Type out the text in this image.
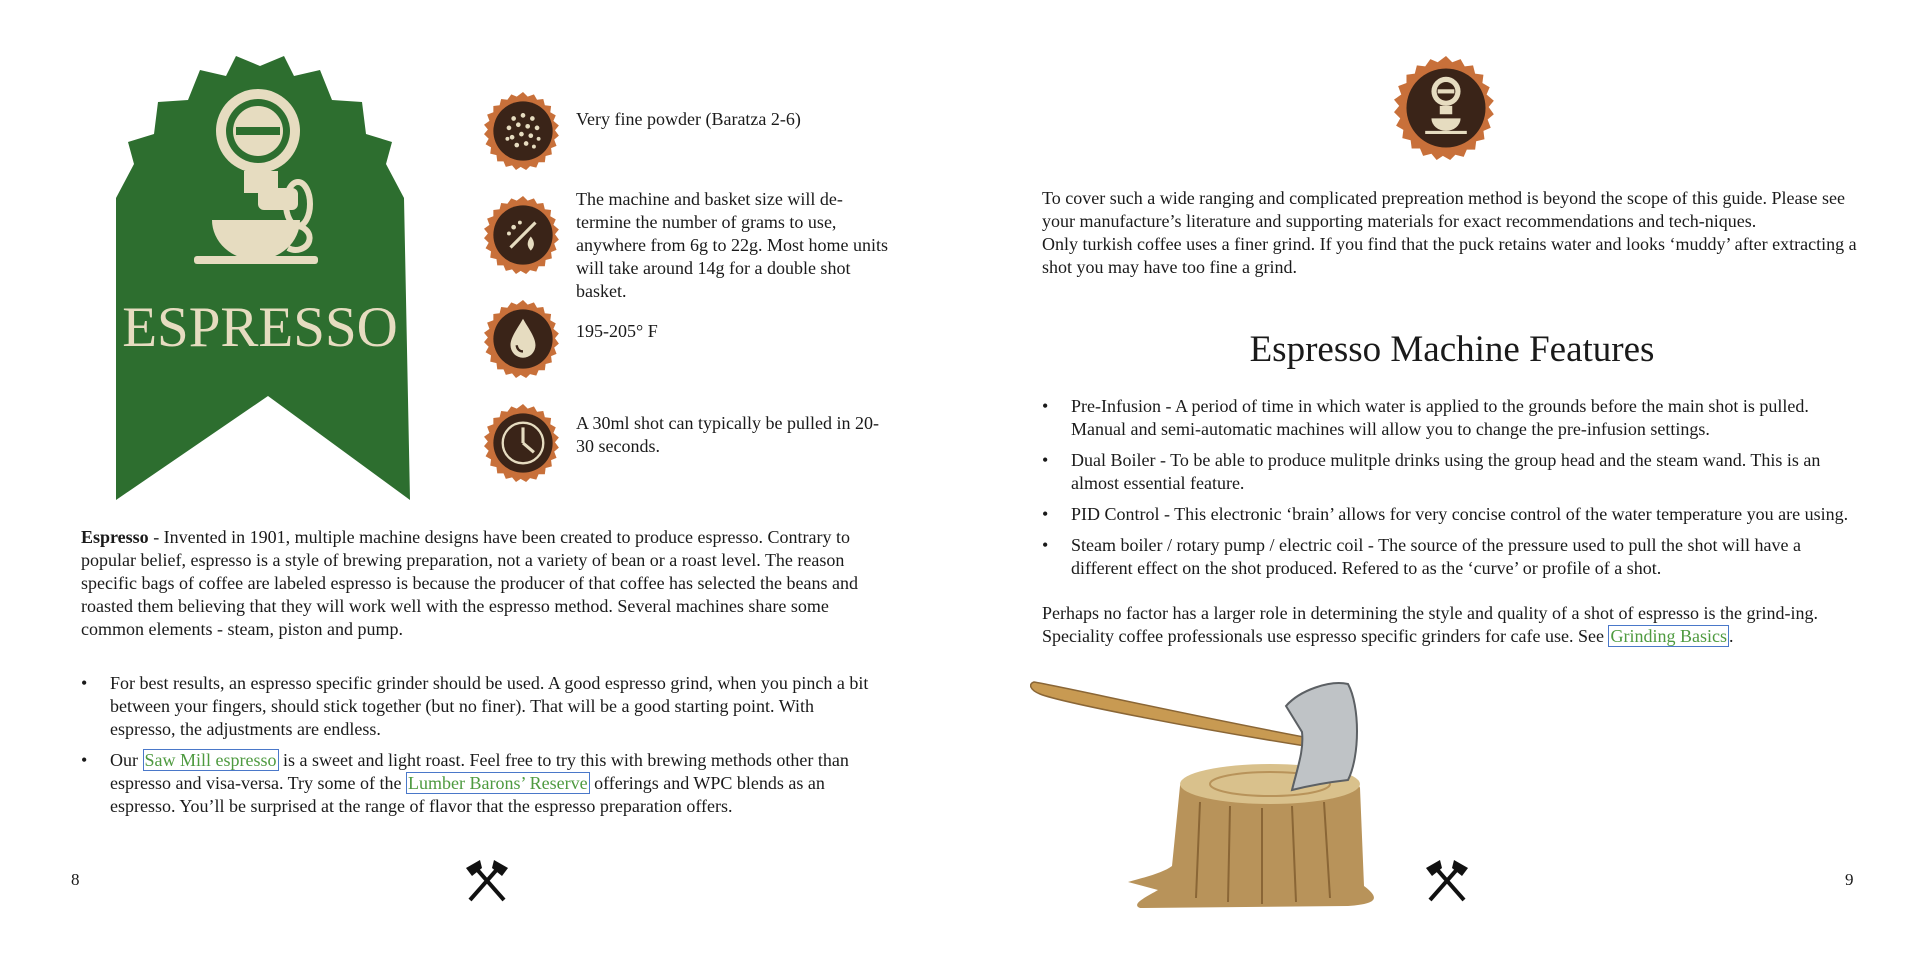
ESPRESSO
Very fine powder (Baratza 2-6)
The machine and basket size will de-termine the number of grams to use, anywhere from 6g to 22g. Most home units will take around 14g for a double shot basket.
195-205° F
A 30ml shot can typically be pulled in 20-30 seconds.

Espresso - Invented in 1901, multiple machine designs have been created to produce espresso. Contrary to popular belief, espresso is a style of brewing preparation, not a variety of bean or a roast level. The reason specific bags of coffee are labeled espresso is because the producer of that coffee has selected the beans and roasted them believing that they will work well with the espresso method. Several machines share some common elements - steam, piston and pump.

• For best results, an espresso specific grinder should be used. A good espresso grind, when you pinch a bit between your fingers, should stick together (but no finer). That will be a good starting point. With espresso, the adjustments are endless.
• Our Saw Mill espresso is a sweet and light roast. Feel free to try this with brewing methods other than espresso and visa-versa. Try some of the Lumber Barons’ Reserve offerings and WPC blends as an espresso. You’ll be surprised at the range of flavor that the espresso preparation offers.
8
To cover such a wide ranging and complicated prepreation method is beyond the scope of this guide. Please see your manufacture’s literature and supporting materials for exact recommendations and tech-niques.
Only turkish coffee uses a finer grind. If you find that the puck retains water and looks ‘muddy’ after extracting a shot you may have too fine a grind.
Espresso Machine Features
• Pre-Infusion - A period of time in which water is applied to the grounds before the main shot is pulled. Manual and semi-automatic machines will allow you to change the pre-infusion settings.
• Dual Boiler - To be able to produce mulitple drinks using the group head and the steam wand. This is an almost essential feature.
• PID Control - This electronic ‘brain’ allows for very concise control of the water temperature you are using.
• Steam boiler / rotary pump / electric coil - The source of the pressure used to pull the shot will have a different effect on the shot produced. Refered to as the ‘curve’ or profile of a shot.

Perhaps no factor has a larger role in determining the style and quality of a shot of espresso is the grind-ing. Speciality coffee professionals use espresso specific grinders for cafe use. See Grinding Basics .

9
